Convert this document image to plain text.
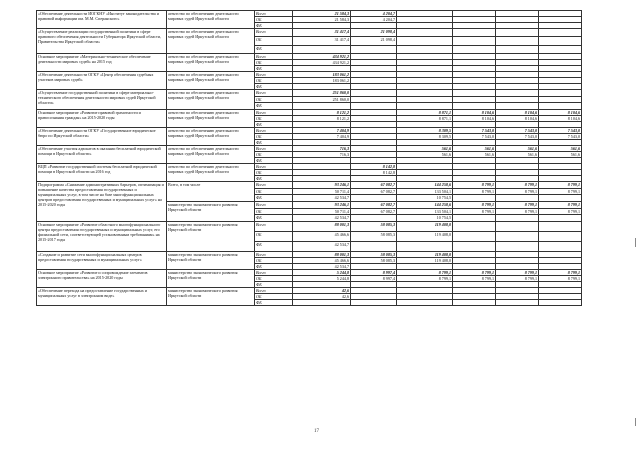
«Обеспечение деятельности ИОГКНУ «Институт законодательства и правовой информации им. М.М. Сперанского»	агентство по обеспечению деятельности мировых судей Иркутской области	Всего	21 584,3	4 204,7				
		ОБ	21 584,3	4 204,7				
		ФБ						
«Осуществление реализации государственной политики в сфере правового обеспечения деятельности Губернатора Иркутской области, Правительства Иркутской области»	агентство по обеспечению деятельности мировых судей Иркутской области	Всего	31 417,4	21 098,4				
		ОБ	31 417,4	21 098,4				
		ФБ						
Основное мероприятие «Материально-техническое обеспечение деятельности мировых судей» на 2015 год	агентство по обеспечению деятельности мировых судей Иркутской области	Всего	434 921,2					
		ОБ	434 921,2					
		ФБ						
«Обеспечение деятельности ОГКУ «Центр обеспечения судебных участков мировых судей»	агентство по обеспечению деятельности мировых судей Иркутской области	Всего	183 061,2					
		ОБ	183 061,2					
		ФБ						
«Осуществление государственной политики в сфере материально-технического обеспечения деятельности мировых судей Иркутской области»	агентство по обеспечению деятельности мировых судей Иркутской области	Всего	251 860,0					
		ОБ	251 860,0					
		ФБ						
Основное мероприятие «Развитие правовой грамотности и правосознания граждан» на 2015-2020 годы	агентство по обеспечению деятельности мировых судей Иркутской области	Всего	8 121,2		8 871,1	8 104,6	8 104,6	8 104,6
		ОБ	8 121,2		8 871,1	8 104,6	8 104,6	8 104,6
		ФБ						
«Обеспечение деятельности ОГКУ «Государственное юридическое бюро по Иркутской области»	агентство по обеспечению деятельности мировых судей Иркутской области	Всего	7 404,9		8 309,5	7 543,0	7 543,0	7 543,0
		ОБ	7 404,9		8 309,5	7 543,0	7 543,0	7 543,0
		ФБ						
«Обеспечение участия адвокатов в оказании бесплатной юридической помощи в Иркутской области»	агентство по обеспечению деятельности мировых судей Иркутской области	Всего	716,3		561,6	561,6	561,6	561,6
		ОБ	716,3		561,6	561,6	561,6	561,6
		ФБ						
ВЦП «Развитие государственной системы бесплатной юридической помощи в Иркутской области на 2016 год	агентство по обеспечению деятельности мировых судей Иркутской области	Всего		8 142,8				
		ОБ		8 142,8				
		ФБ						
Подпрограмма «Снижение административных барьеров, оптимизация и повышение качества предоставления государственных и муниципальных услуг, в том числе на базе многофункциональных центров предоставления государственных и муниципальных услуг» на 2015-2020 годы	Всего, в том числе	Всего	93 246,1	67 082,7	144 258,6	8 799,1	8 799,1	8 799,1
		ОБ	50 711,4	67 082,7	133 504,1	8 799,1	8 799,1	8 799,1
		ФБ	42 534,7		10 754,5			
	министерство экономического развития Иркутской области	Всего	93 246,1	67 082,7	144 258,6	8 799,1	8 799,1	8 799,1
		ОБ	50 711,4	67 082,7	133 504,1	8 799,1	8 799,1	8 799,1
		ФБ	42 534,7		10 754,5			
Основное мероприятие «Развитие областного многофункционального центра предоставления государственных и муниципальных услуг, его филиальной сети, соответствующей установленным требованиям» на 2015-2017 годы	министерство экономического развития Иркутской области	Всего	88 001,3	58 085,3	119 408,0			
		ОБ	45 466,6	58 085,3	119 408,0			
		ФБ	42 534,7					
«Создание и развитие сети многофункциональных центров предоставления государственных и муниципальных услуг»	министерство экономического развития Иркутской области	Всего	88 001,3	58 085,3	119 408,0			
		ОБ	45 466,6	58 085,3	119 408,0			
		ФБ	42 534,7					
Основное мероприятие «Развитие и сопровождение элементов электронного правительства» на 2015-2020 годы	министерство экономического развития Иркутской области	Всего	5 244,8	8 997,4	8 799,1	8 799,1	8 799,1	8 799,1
		ОБ	5 244,8	8 997,4	8 799,1	8 799,1	8 799,1	8 799,1
		ФБ						
«Обеспечение перехода на предоставление государственных и муниципальных услуг в электронном виде»	министерство экономического развития Иркутской области	Всего	42,6					
		ОБ	42,6					
		ФБ						
17
